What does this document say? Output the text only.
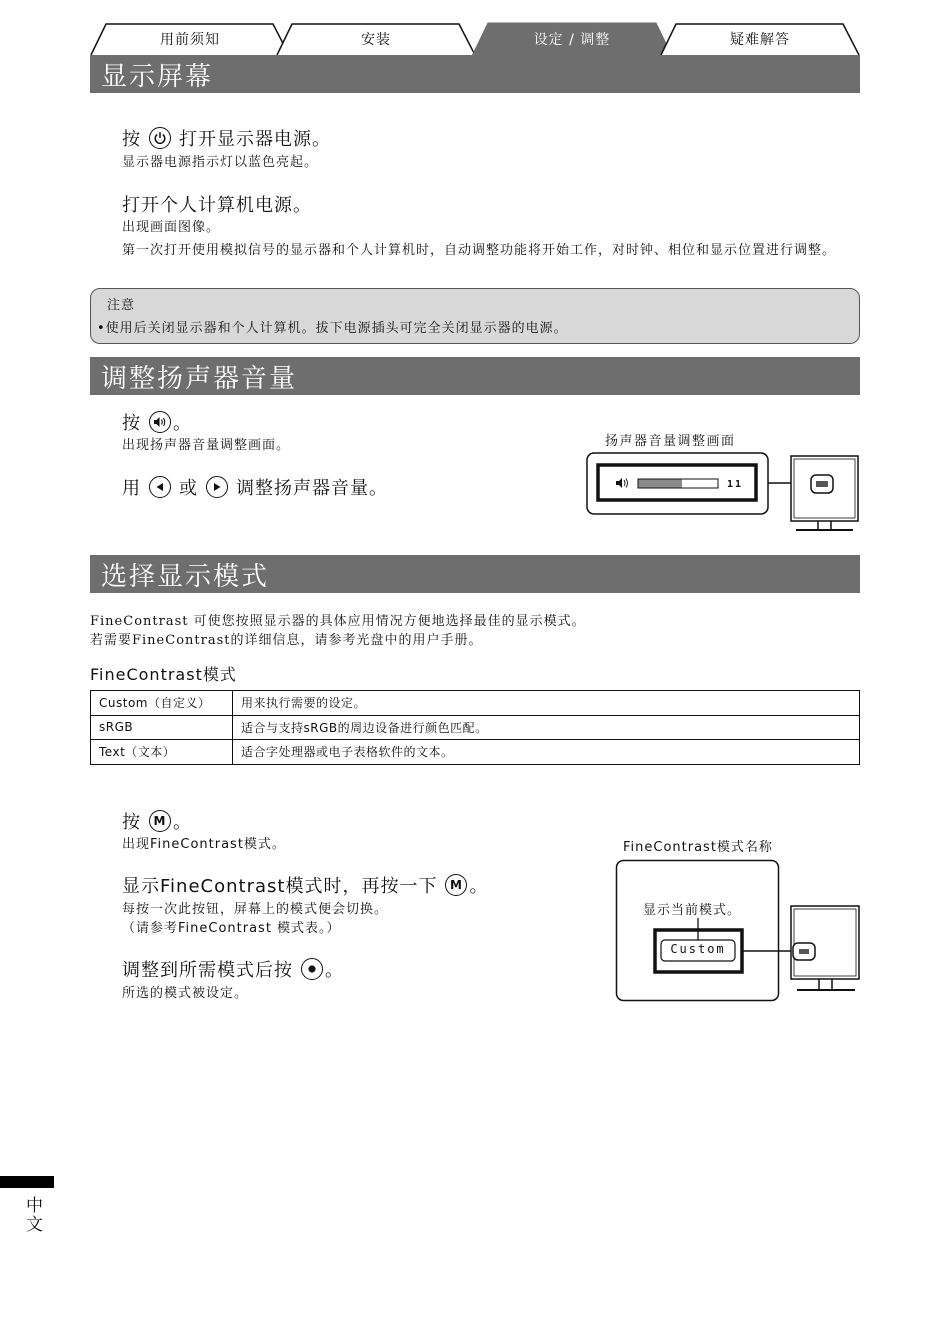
用前须知	安装	设定 / 调整	疑难解答
显示屏幕
按 打开显示器电源。
显示器电源指示灯以蓝色亮起。
打开个人计算机电源。
出现画面图像。
第一次打开使用模拟信号的显示器和个人计算机时，自动调整功能将开始工作，对时钟、相位和显示位置进行调整。
注意
•使用后关闭显示器和个人计算机。拔下电源插头可完全关闭显示器的电源。
调整扬声器音量
按 。
出现扬声器音量调整画面。
用 或 调整扬声器音量。
扬声器音量调整画面
11
选择显示模式
FineContrast 可使您按照显示器的具体应用情况方便地选择最佳的显示模式。
若需要FineContrast的详细信息，请参考光盘中的用户手册。
FineContrast模式
Custom（自定义）	用来执行需要的设定。
sRGB	适合与支持sRGB的周边设备进行颜色匹配。
Text（文本）	适合字处理器或电子表格软件的文本。
按 M 。
出现FineContrast模式。
显示FineContrast模式时，再按一下 M 。
每按一次此按钮，屏幕上的模式便会切换。
（请参考FineContrast 模式表。）
调整到所需模式后按 。
所选的模式被设定。
FineContrast模式名称
显示当前模式。
Custom
中文
